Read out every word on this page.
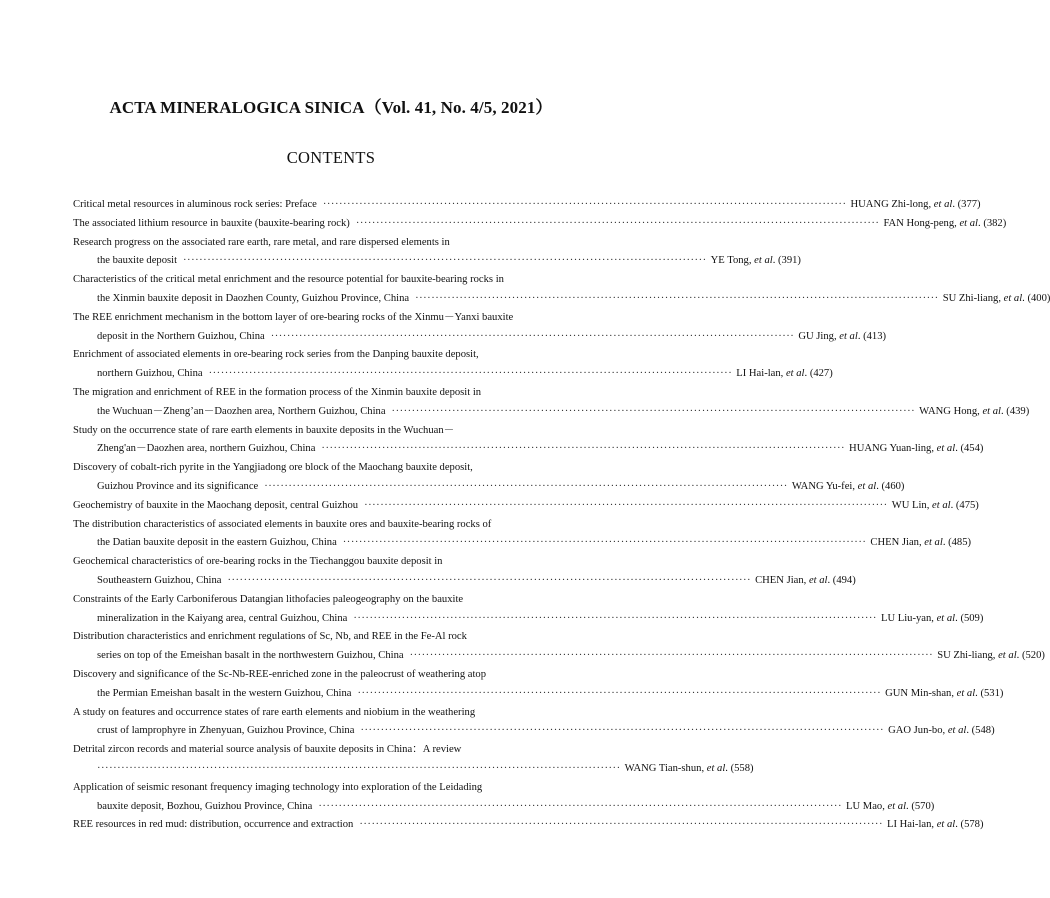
ACTA MINERALOGICA SINICA（Vol. 41, No. 4/5, 2021）
CONTENTS
Critical metal resources in aluminous rock series: Preface ·································································································································· HUANG Zhi-long, et al. (377)
The associated lithium resource in bauxite (bauxite-bearing rock) ·································································································································· FAN Hong-peng, et al. (382)
Research progress on the associated rare earth, rare metal, and rare dispersed elements in
the bauxite deposit ·································································································································· YE Tong, et al. (391)
Characteristics of the critical metal enrichment and the resource potential for bauxite-bearing rocks in
the Xinmin bauxite deposit in Daozhen County, Guizhou Province, China ·································································································································· SU Zhi-liang, et al. (400)
The REE enrichment mechanism in the bottom layer of ore-bearing rocks of the Xinmu－Yanxi bauxite
deposit in the Northern Guizhou, China ·································································································································· GU Jing, et al. (413)
Enrichment of associated elements in ore-bearing rock series from the Danping bauxite deposit,
northern Guizhou, China ·································································································································· LI Hai-lan, et al. (427)
The migration and enrichment of REE in the formation process of the Xinmin bauxite deposit in
the Wuchuan－Zheng’an－Daozhen area, Northern Guizhou, China ·································································································································· WANG Hong, et al. (439)
Study on the occurrence state of rare earth elements in bauxite deposits in the Wuchuan－
Zheng'an－Daozhen area, northern Guizhou, China ·································································································································· HUANG Yuan-ling, et al. (454)
Discovery of cobalt-rich pyrite in the Yangjiadong ore block of the Maochang bauxite deposit,
Guizhou Province and its significance ·································································································································· WANG Yu-fei, et al. (460)
Geochemistry of bauxite in the Maochang deposit, central Guizhou ·································································································································· WU Lin, et al. (475)
The distribution characteristics of associated elements in bauxite ores and bauxite-bearing rocks of
the Datian bauxite deposit in the eastern Guizhou, China ·································································································································· CHEN Jian, et al. (485)
Geochemical characteristics of ore-bearing rocks in the Tiechanggou bauxite deposit in
Southeastern Guizhou, China ·································································································································· CHEN Jian, et al. (494)
Constraints of the Early Carboniferous Datangian lithofacies paleogeography on the bauxite
mineralization in the Kaiyang area, central Guizhou, China ·································································································································· LU Liu-yan, et al. (509)
Distribution characteristics and enrichment regulations of Sc, Nb, and REE in the Fe-Al rock
series on top of the Emeishan basalt in the northwestern Guizhou, China ·································································································································· SU Zhi-liang, et al. (520)
Discovery and significance of the Sc-Nb-REE-enriched zone in the paleocrust of weathering atop
the Permian Emeishan basalt in the western Guizhou, China ·································································································································· GUN Min-shan, et al. (531)
A study on features and occurrence states of rare earth elements and niobium in the weathering
crust of lamprophyre in Zhenyuan, Guizhou Province, China ·································································································································· GAO Jun-bo, et al. (548)
Detrital zircon records and material source analysis of bauxite deposits in China：A review
·································································································································· WANG Tian-shun, et al. (558)
Application of seismic resonant frequency imaging technology into exploration of the Leidading
bauxite deposit, Bozhou, Guizhou Province, China ·································································································································· LU Mao, et al. (570)
REE resources in red mud: distribution, occurrence and extraction ·································································································································· LI Hai-lan, et al. (578)
